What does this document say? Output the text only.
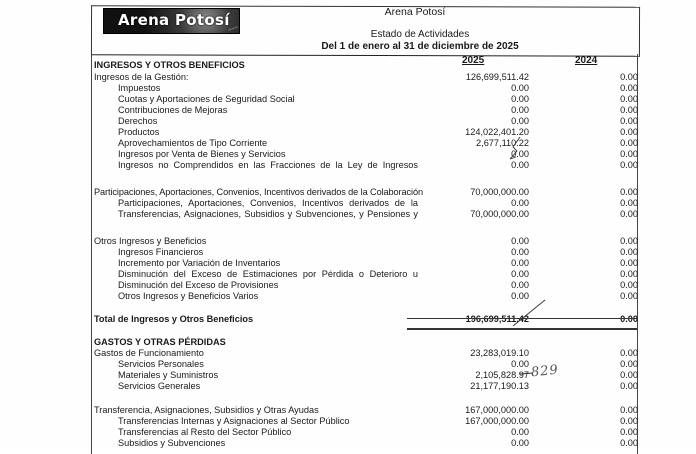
Arena Potosí	Arena Potosí
Estado de Actividades
Del 1 de enero al 31 de diciembre de 2025
2025	2024
INGRESOS Y OTROS BENEFICIOS
Ingresos de la Gestión:	126,699,511.42	0.00
Impuestos	0.00	0.00
Cuotas y Aportaciones de Seguridad Social	0.00	0.00
Contribuciones de Mejoras	0.00	0.00
Derechos	0.00	0.00
Productos	124,022,401.20	0.00
Aprovechamientos de Tipo Corriente	2,677,110.22	0.00
Ingresos por Venta de Bienes y Servicios	0.00	0.00
Ingresos no Comprendidos en las Fracciones de la Ley de Ingresos	0.00	0.00
Participaciones, Aportaciones, Convenios, Incentivos derivados de la Colaboración	70,000,000.00	0.00
Participaciones, Aportaciones, Convenios, Incentivos derivados de la	0.00	0.00
Transferencias, Asignaciones, Subsidios y Subvenciones, y Pensiones y	70,000,000.00	0.00
Otros Ingresos y Beneficios	0.00	0.00
Ingresos Financieros	0.00	0.00
Incremento por Variación de Inventarios	0.00	0.00
Disminución del Exceso de Estimaciones por Pérdida o Deterioro u	0.00	0.00
Disminución del Exceso de Provisiones	0.00	0.00
Otros Ingresos y Beneficios Varios	0.00	0.00
Total de Ingresos y Otros Beneficios	196,699,511.42	0.00
GASTOS Y OTRAS PÉRDIDAS
Gastos de Funcionamiento	23,283,019.10	0.00
Servicios Personales	0.00	0.00
Materiales y Suministros	2,105,828.97	0.00
Servicios Generales	21,177,190.13	0.00
Transferencia, Asignaciones, Subsidios y Otras Ayudas	167,000,000.00	0.00
Transferencias Internas y Asignaciones al Sector Público	167,000,000.00	0.00
Transferencias al Resto del Sector Público	0.00	0.00
Subsidios y Subvenciones	0.00	0.00
829
